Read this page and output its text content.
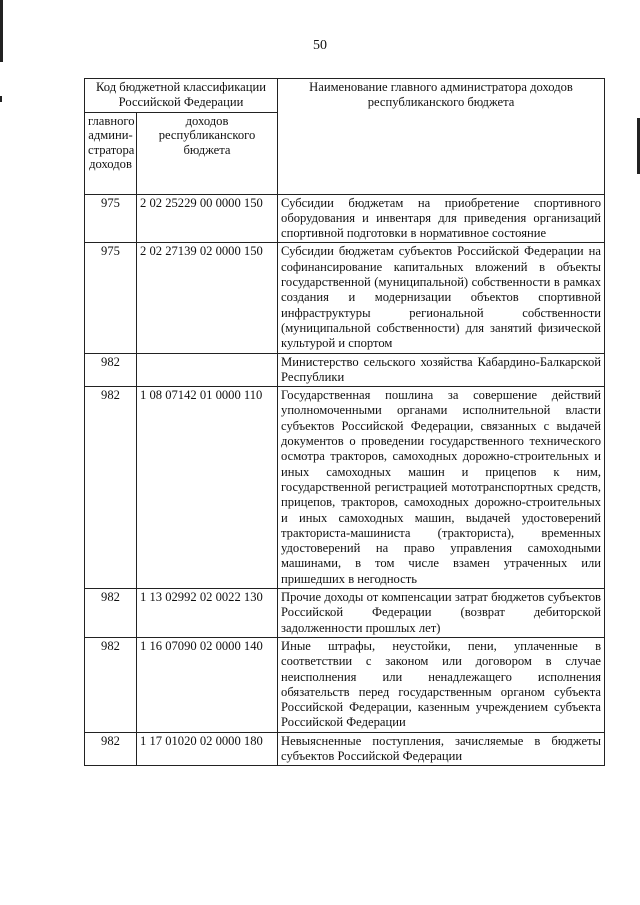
50
Код бюджетной классификации Российской Федерации		Наименование главного администратора доходов республиканского бюджета
главного админи-стратора доходов	доходов республиканского бюджета	
975	2 02 25229 00 0000 150	Субсидии бюджетам на приобретение спортивного оборудования и инвентаря для приведения организаций спортивной подготовки в нормативное состояние
975	2 02 27139 02 0000 150	Субсидии бюджетам субъектов Российской Федерации на софинансирование капитальных вложений в объекты государственной (муниципальной) собственности в рамках создания и модернизации объектов спортивной инфраструктуры региональной собственности (муниципальной собственности) для занятий физической культурой и спортом
982		Министерство сельского хозяйства Кабардино-Балкарской Республики
982	1 08 07142 01 0000 110	Государственная пошлина за совершение действий уполномоченными органами исполнительной власти субъектов Российской Федерации, связанных с выдачей документов о проведении государственного технического осмотра тракторов, самоходных дорожно-строительных и иных самоходных машин и прицепов к ним, государственной регистрацией мототранспортных средств, прицепов, тракторов, самоходных дорожно-строительных и иных самоходных машин, выдачей удостоверений тракториста-машиниста (тракториста), временных удостоверений на право управления самоходными машинами, в том числе взамен утраченных или пришедших в негодность
982	1 13 02992 02 0022 130	Прочие доходы от компенсации затрат бюджетов субъектов Российской Федерации (возврат дебиторской задолженности прошлых лет)
982	1 16 07090 02 0000 140	Иные штрафы, неустойки, пени, уплаченные в соответствии с законом или договором в случае неисполнения или ненадлежащего исполнения обязательств перед государственным органом субъекта Российской Федерации, казенным учреждением субъекта Российской Федерации
982	1 17 01020 02 0000 180	Невыясненные поступления, зачисляемые в бюджеты субъектов Российской Федерации
